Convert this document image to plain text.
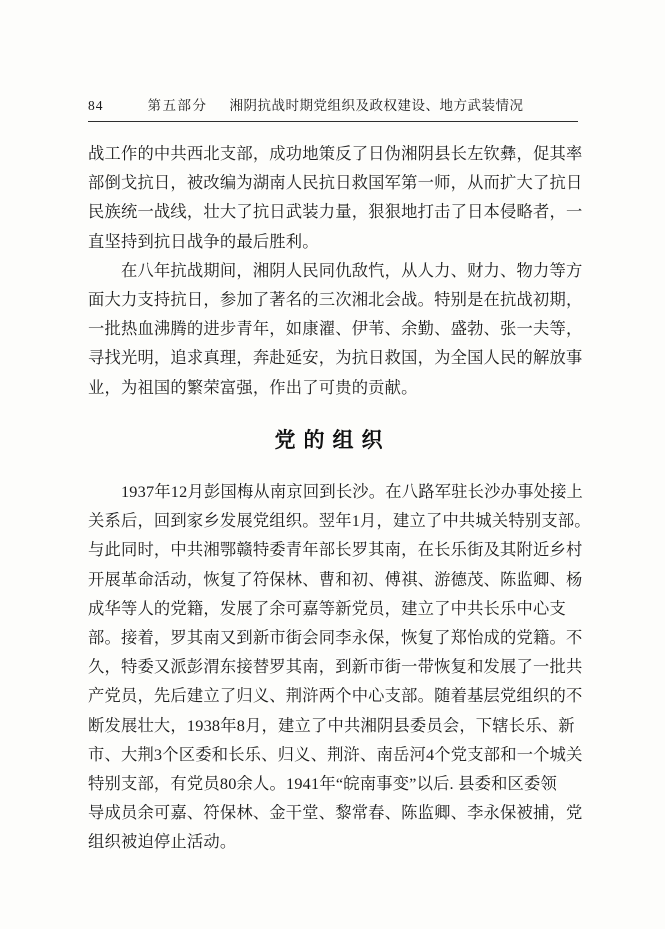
84	第五部分 湘阴抗战时期党组织及政权建设、地方武装情况
战工作的中共西北支部，成功地策反了日伪湘阴县长左钦彝，促其率
部倒戈抗日，被改编为湖南人民抗日救国军第一师，从而扩大了抗日
民族统一战线，壮大了抗日武装力量，狠狠地打击了日本侵略者，一
直坚持到抗日战争的最后胜利。
　　在八年抗战期间，湘阴人民同仇敌忾，从人力、财力、物力等方
面大力支持抗日，参加了著名的三次湘北会战。特别是在抗战初期，
一批热血沸腾的进步青年，如康濯、伊苇、余勤、盛勃、张一夫等，
寻找光明，追求真理，奔赴延安，为抗日救国，为全国人民的解放事
业，为祖国的繁荣富强，作出了可贵的贡献。
党的组织
　　1937年12月彭国梅从南京回到长沙。在八路军驻长沙办事处接上
关系后，回到家乡发展党组织。翌年1月，建立了中共城关特别支部。
与此同时，中共湘鄂赣特委青年部长罗其南，在长乐街及其附近乡村
开展革命活动，恢复了符保林、曹和初、傅祺、游德茂、陈监卿、杨
成华等人的党籍，发展了余可嘉等新党员，建立了中共长乐中心支
部。接着，罗其南又到新市街会同李永保，恢复了郑怡成的党籍。不
久，特委又派彭渭东接替罗其南，到新市街一带恢复和发展了一批共
产党员，先后建立了归义、荆浒两个中心支部。随着基层党组织的不
断发展壮大，1938年8月，建立了中共湘阴县委员会，下辖长乐、新
市、大荆3个区委和长乐、归义、荆浒、南岳河4个党支部和一个城关
特别支部，有党员80余人。1941年“皖南事变”以后. 县委和区委领
导成员余可嘉、符保林、金干堂、黎常春、陈监卿、李永保被捕，党
组织被迫停止活动。
